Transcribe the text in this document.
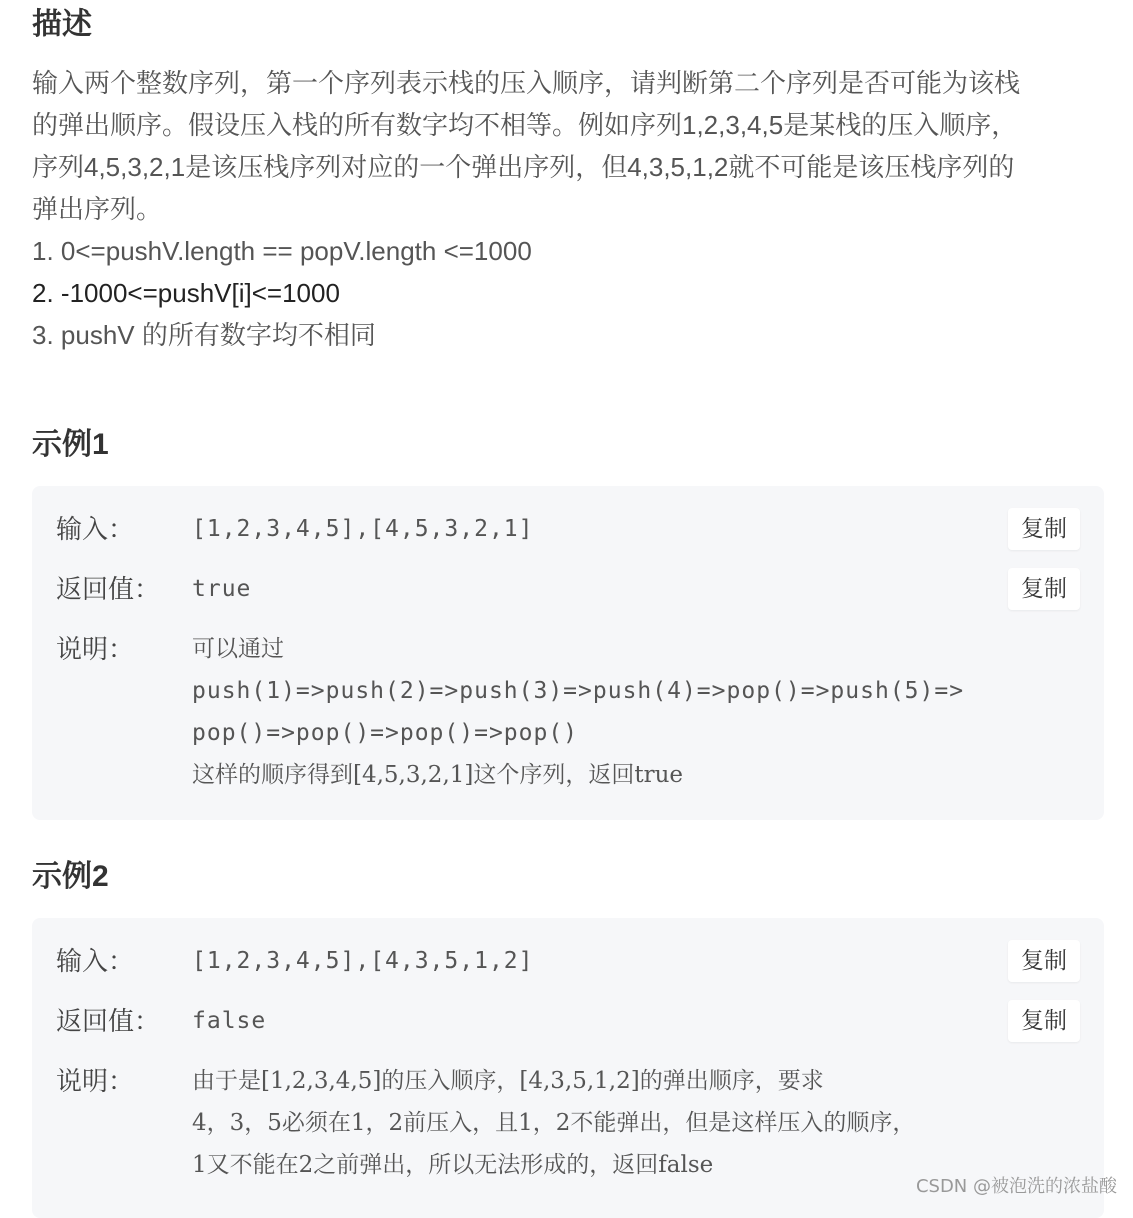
描述

输入两个整数序列，第一个序列表示栈的压入顺序，请判断第二个序列是否可能为该栈

的弹出顺序。假设压入栈的所有数字均不相等。例如序列1,2,3,4,5是某栈的压入顺序，

序列4,5,3,2,1是该压栈序列对应的一个弹出序列，但4,3,5,1,2就不可能是该压栈序列的

弹出序列。

1. 0<=pushV.length == popV.length <=1000

2. -1000<=pushV[i]<=1000

3. pushV 的所有数字均不相同

示例1
输入：	[1,2,3,4,5],[4,5,3,2,1]	复制
返回值： true	复制
说明：	可以通过
push(1)=>push(2)=>push(3)=>push(4)=>pop()=>push(5)=>
pop()=>pop()=>pop()=>pop()
这样的顺序得到[4,5,3,2,1]这个序列，返回true
示例2
输入：	[1,2,3,4,5],[4,3,5,1,2]	复制
返回值： false	复制
说明：	由于是[1,2,3,4,5]的压入顺序，[4,3,5,1,2]的弹出顺序，要求
4，3，5必须在1，2前压入，且1，2不能弹出，但是这样压入的顺序，
1又不能在2之前弹出，所以无法形成的，返回false
CSDN @被泡洗的浓盐酸
